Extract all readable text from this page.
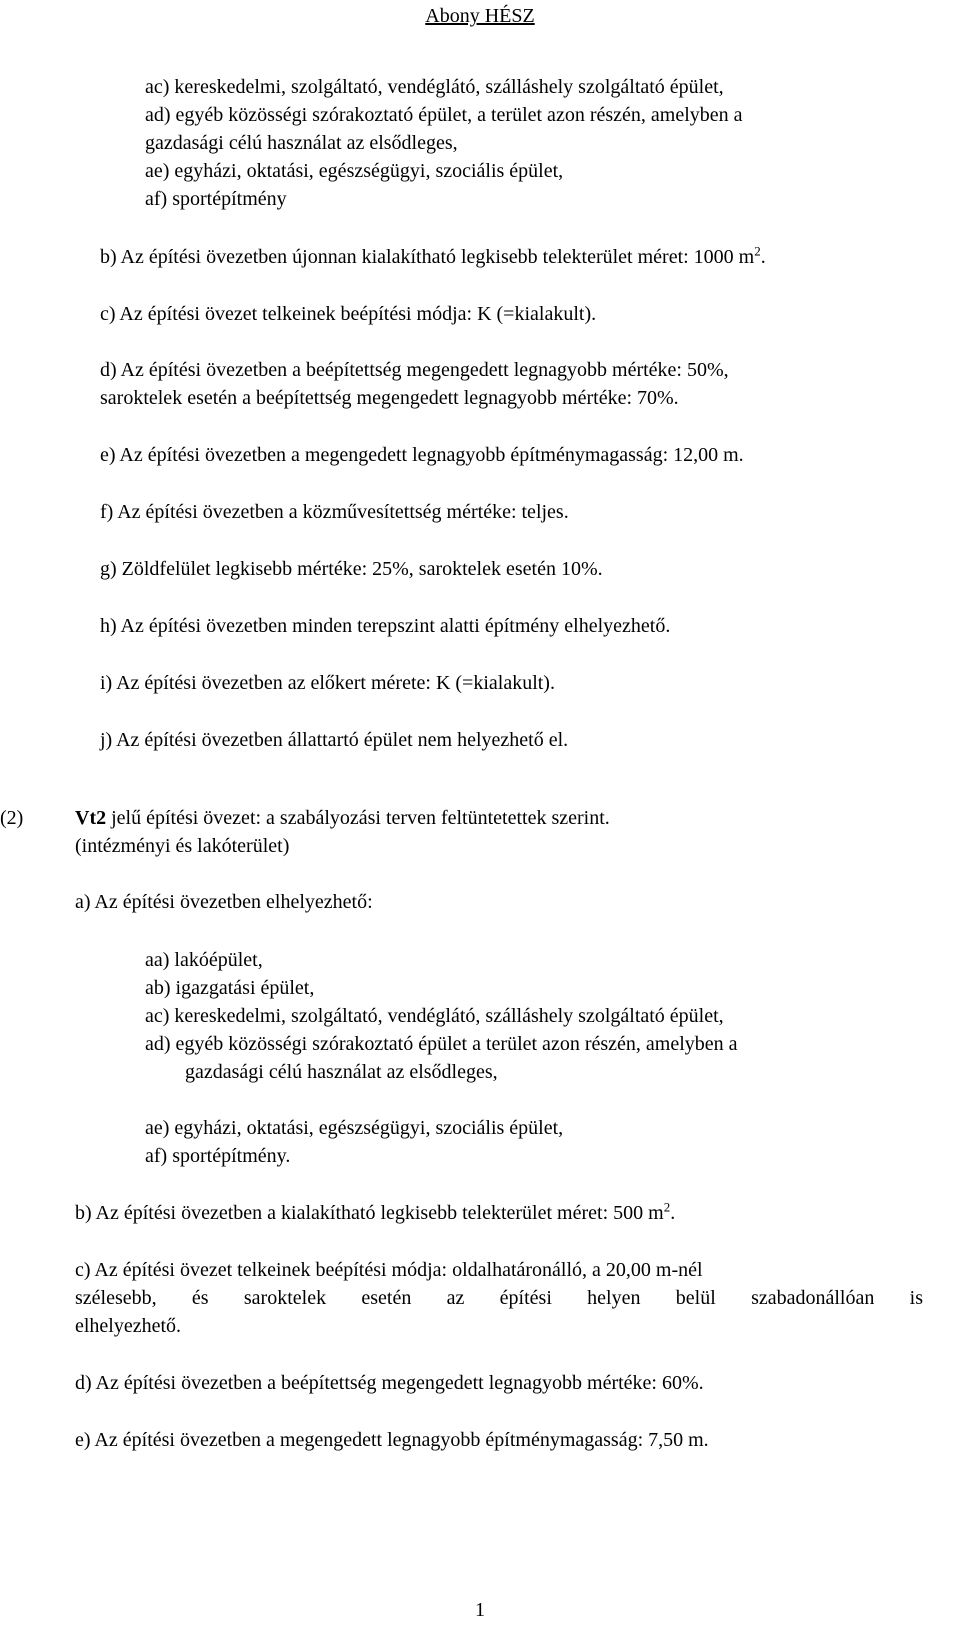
Abony HÉSZ
ac) kereskedelmi, szolgáltató, vendéglátó, szálláshely szolgáltató épület,
ad) egyéb közösségi szórakoztató épület, a terület azon részén, amelyben a
gazdasági célú használat az elsődleges,
ae) egyházi, oktatási, egészségügyi, szociális épület,
af) sportépítmény
b) Az építési övezetben újonnan kialakítható legkisebb telekterület méret: 1000 $m^2$.
c) Az építési övezet telkeinek beépítési módja: K (=kialakult).
d) Az építési övezetben a beépítettség megengedett legnagyobb mértéke: 50%,
saroktelek esetén a beépítettség megengedett legnagyobb mértéke: 70%.
e) Az építési övezetben a megengedett legnagyobb építménymagasság: 12,00 m.
f) Az építési övezetben a közművesítettség mértéke: teljes.
g) Zöldfelület legkisebb mértéke: 25%, saroktelek esetén 10%.
h) Az építési övezetben minden terepszint alatti építmény elhelyezhető.
i) Az építési övezetben az előkert mérete: K (=kialakult).
j) Az építési övezetben állattartó épület nem helyezhető el.
(2)	Vt2 jelű építési övezet: a szabályozási terven feltüntetettek szerint.
(intézményi és lakóterület)
a) Az építési övezetben elhelyezhető:
aa) lakóépület,
ab) igazgatási épület,
ac) kereskedelmi, szolgáltató, vendéglátó, szálláshely szolgáltató épület,
ad) egyéb közösségi szórakoztató épület a terület azon részén, amelyben a
gazdasági célú használat az elsődleges,
ae) egyházi, oktatási, egészségügyi, szociális épület,
af) sportépítmény.
b) Az építési övezetben a kialakítható legkisebb telekterület méret: 500 $m^2$.
c) Az építési övezet telkeinek beépítési módja: oldalhatáronálló, a 20,00 m-nél
szélesebb, és saroktelek esetén az építési helyen belül szabadonállóan is
elhelyezhető.
d) Az építési övezetben a beépítettség megengedett legnagyobb mértéke: 60%.
e) Az építési övezetben a megengedett legnagyobb építménymagasság: 7,50 m.
1
